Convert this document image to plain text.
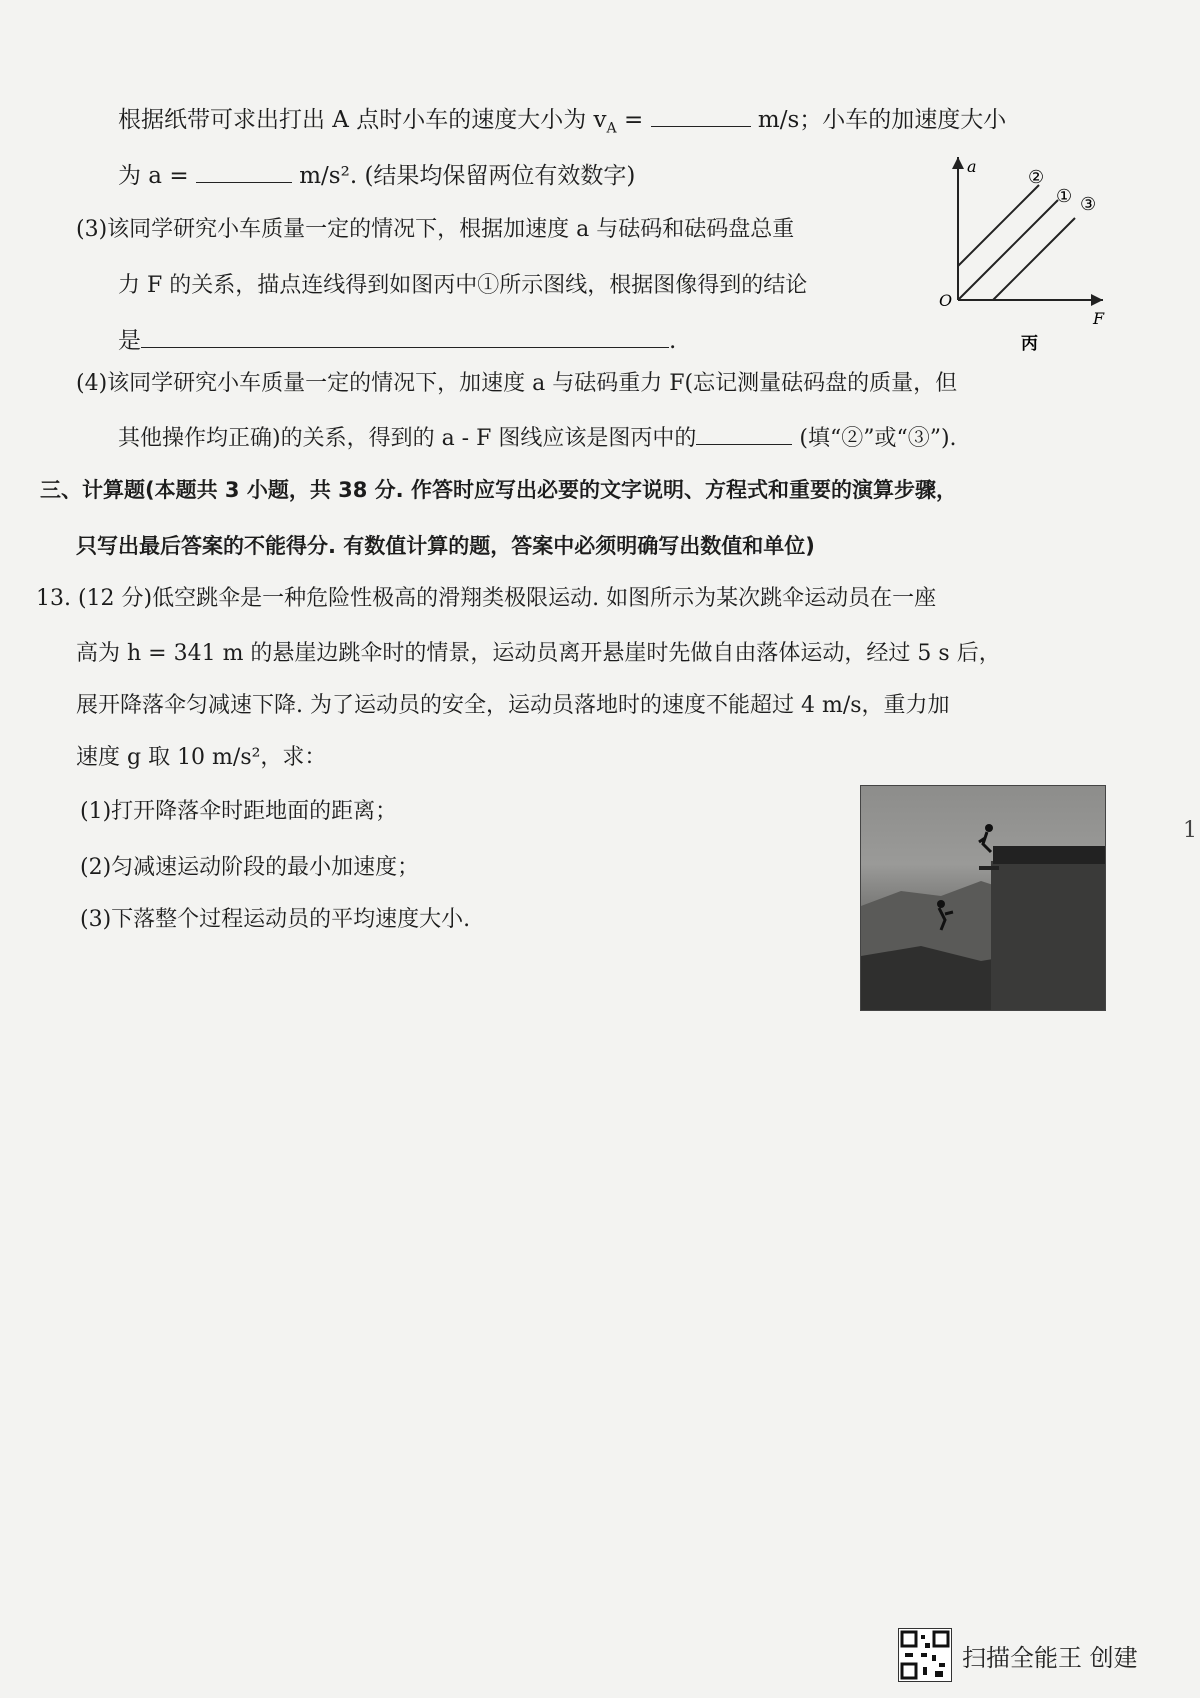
根据纸带可求出打出 A 点时小车的速度大小为 $v_A$ =	m/s；小车的加速度大小
为 a =	m/s². (结果均保留两位有效数字)
(3)该同学研究小车质量一定的情况下，根据加速度 a 与砝码和砝码盘总重
力 F 的关系，描点连线得到如图丙中①所示图线，根据图像得到的结论
是	.
a
F
O
②
① ③
丙
(4)该同学研究小车质量一定的情况下，加速度 a 与砝码重力 F(忘记测量砝码盘的质量，但
其他操作均正确)的关系，得到的 a - F 图线应该是图丙中的	(填“②”或“③”).
三、计算题(本题共 3 小题，共 38 分. 作答时应写出必要的文字说明、方程式和重要的演算步骤，
只写出最后答案的不能得分. 有数值计算的题，答案中必须明确写出数值和单位)
13. (12 分)低空跳伞是一种危险性极高的滑翔类极限运动. 如图所示为某次跳伞运动员在一座
高为 h = 341 m 的悬崖边跳伞时的情景，运动员离开悬崖时先做自由落体运动，经过 5 s 后，
展开降落伞匀减速下降. 为了运动员的安全，运动员落地时的速度不能超过 4 m/s，重力加
速度 g 取 10 m/s²，求：
(1)打开降落伞时距地面的距离；
(2)匀减速运动阶段的最小加速度；
(3)下落整个过程运动员的平均速度大小.
1
扫描全能王 创建
